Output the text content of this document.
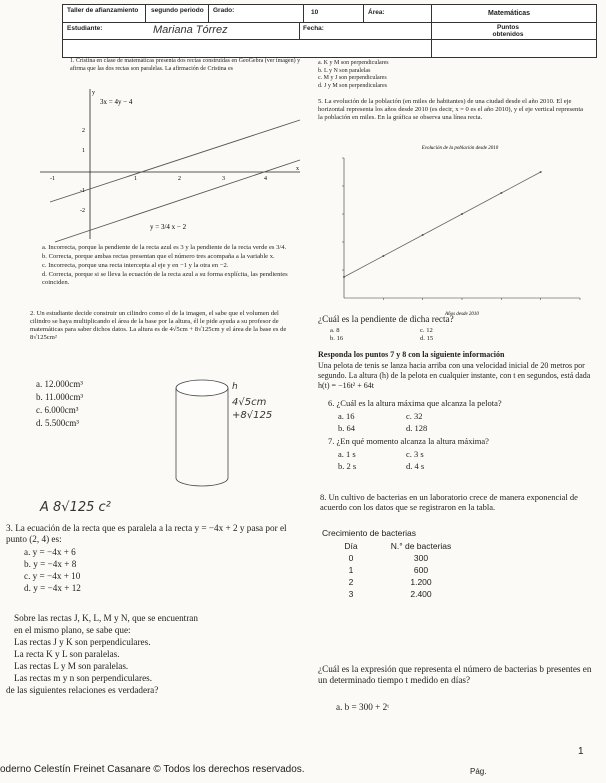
Taller de afianzamiento	segundo periodo	Grado:	10	Área:	Matemáticas
Estudiante:	Mariana Tórrez	Fecha:	Puntos obtenidos
1. Cristina en clase de matemáticas presenta dos rectas construidas en GeoGebra (ver imagen) y afirma que las dos rectas son paralelas. La afirmación de Cristina es
y
x
-1	1	2	3	4
2
1
-1
-2
3x = 4y − 4
y = 3/4 x − 2
a. Incorrecta, porque la pendiente de la recta azul es 3 y la pendiente de la recta verde es 3/4.
b. Correcta, porque ambas rectas presentan que el número tres acompaña a la variable x.
c. Incorrecta, porque una recta intercepta al eje y en −1 y la otra en −2.
d. Correcta, porque si se lleva la ecuación de la recta azul a su forma explícita, las pendientes coinciden.
2. Un estudiante decide construir un cilindro como el de la imagen, el sabe que el volumen del cilindro se haya multiplicando el área de la base por la altura, él le pide ayuda a su profesor de matemáticas para saber dichos datos. La altura es de 4√5cm + 8√125cm y el área de la base es de 8√125cm²
a. 12.000cm³
b. 11.000cm³
c. 6.000cm³
d. 5.500cm³
h
4√5cm
+8√125
A 8√125 c²
3. La ecuación de la recta que es paralela a la recta y = −4x + 2 y pasa por el punto (2, 4) es:
a. y = −4x + 6
b. y = −4x + 8
c. y = −4x + 10
d. y = −4x + 12
Sobre las rectas J, K, L, M y N, que se encuentran
en el mismo plano, se sabe que:
Las rectas J y K son perpendiculares.
La recta K y L son paralelas.
Las rectas L y M son paralelas.
Las rectas m y n son perpendiculares.
de las siguientes relaciones es verdadera?
a. K y M son perpendiculares
b. L y N son paralelas
c. M y J son perpendiculares
d. J y M son perpendiculares
5. La evolución de la población (en miles de habitantes) de una ciudad desde el año 2010. El eje horizontal representa los años desde 2010 (es decir, x = 0 es el año 2010), y el eje vertical representa la población en miles. En la gráfica se observa una línea recta.
Evolución de la población desde 2010
Años desde 2010
¿Cuál es la pendiente de dicha recta?
a. 8	c. 12
b. 16	d. 15
Responda los puntos 7 y 8 con la siguiente información
Una pelota de tenis se lanza hacia arriba con una velocidad inicial de 20 metros por segundo. La altura (h) de la pelota en cualquier instante, con t en segundos, está dada h(t) = −16t² + 64t
6. ¿Cuál es la altura máxima que alcanza la pelota?
a. 16	c. 32
b. 64	d. 128
7. ¿En qué momento alcanza la altura máxima?
a. 1 s	c. 3 s
b. 2 s	d. 4 s
8. Un cultivo de bacterias en un laboratorio crece de manera exponencial de acuerdo con los datos que se registraron en la tabla.
Crecimiento de bacterias
Día	N.° de bacterias
0	300
1	600
2	1.200
3	2.400
¿Cuál es la expresión que representa el número de bacterias b presentes en un determinado tiempo t medido en días?
a. b = 300 + 2ᵗ
oderno Celestín Freinet Casanare © Todos los derechos reservados.	Pág.
1
